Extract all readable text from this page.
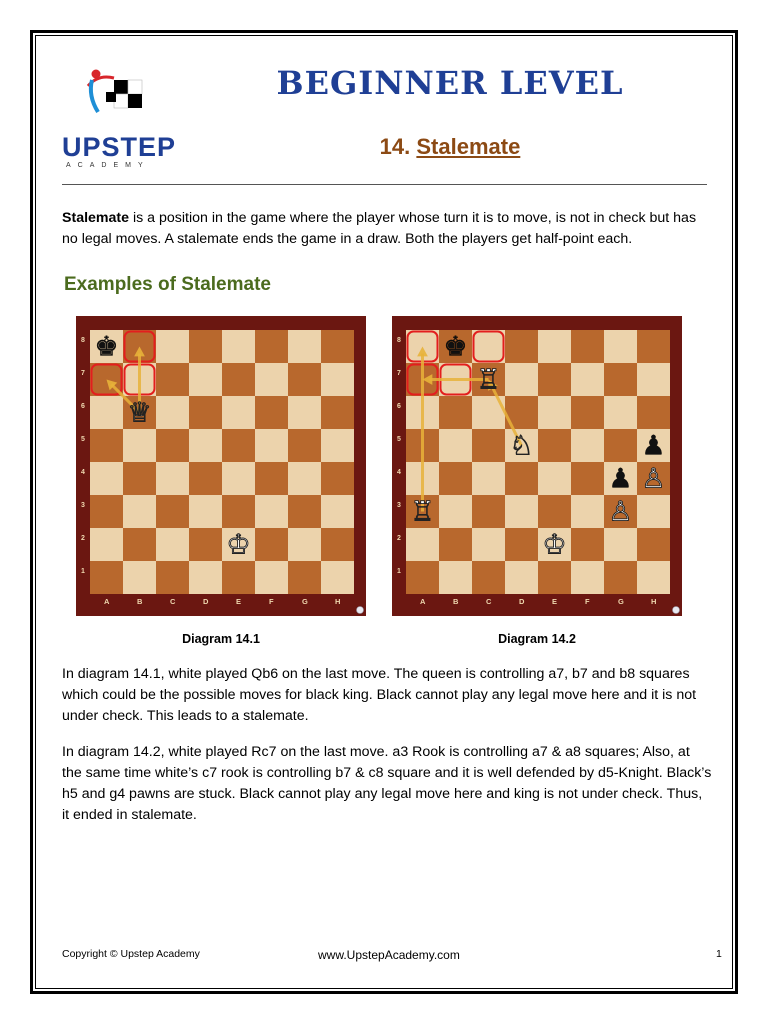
UPSTEP
ACADEMY
BEGINNER LEVEL
14. Stalemate
Stalemate is a position in the game where the player whose turn it is to move, is not in check but has no legal moves. A stalemate ends the game in a draw. Both the players get half-point each.
Examples of Stalemate
8
7
6
5
4
3
2
1
A	B	C	D	E	F	G	H
♚
♕
♔
8
7
6
5
4
3
2
1
A	B	C	D	E	F	G	H
♚
♖
♘	♟
♟ ♙
♙
♖
♔
Diagram 14.1	Diagram 14.2
In diagram 14.1, white played Qb6 on the last move. The queen is controlling a7, b7 and b8 squares which could be the possible moves for black king. Black cannot play any legal move here and it is not under check. This leads to a stalemate.
In diagram 14.2, white played Rc7 on the last move. a3 Rook is controlling a7 & a8 squares; Also, at the same time white’s c7 rook is controlling b7 & c8 square and it is well defended by d5-Knight. Black’s h5 and g4 pawns are stuck. Black cannot play any legal move here and king is not under check. Thus, it ended in stalemate.
Copyright © Upstep Academy	www.UpstepAcademy.com	1
